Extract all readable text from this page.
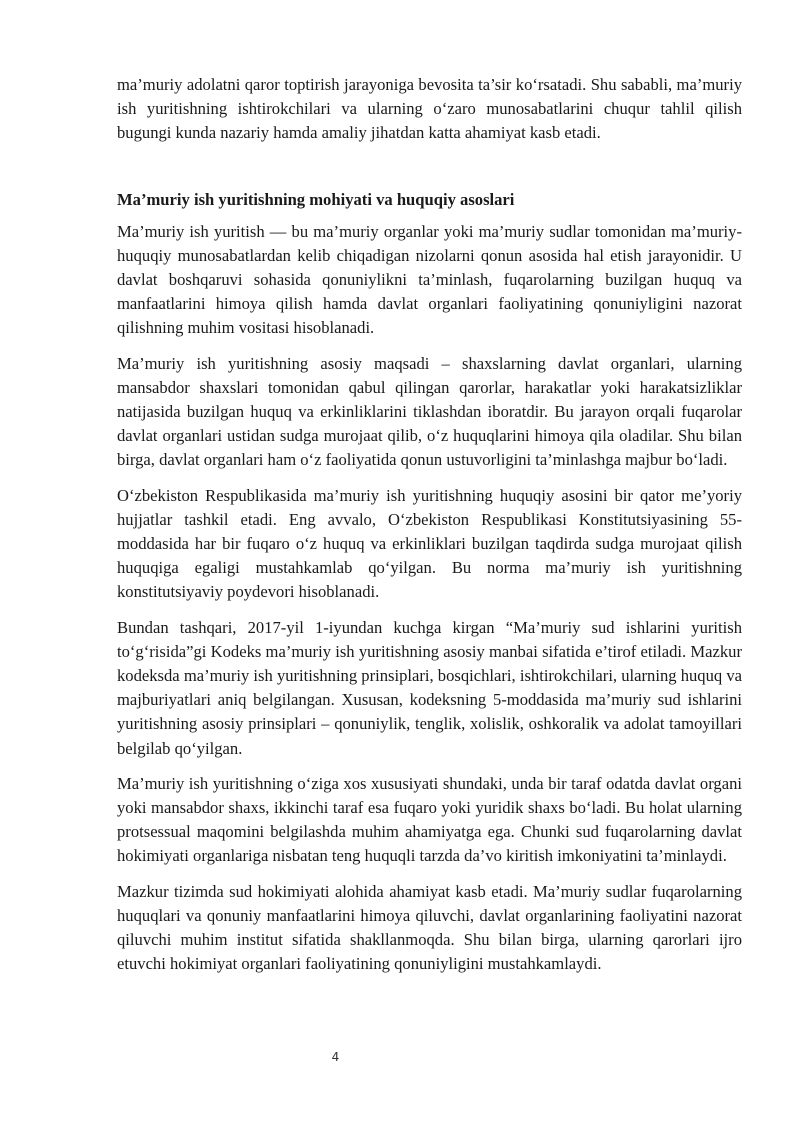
ma’muriy adolatni qaror toptirish jarayoniga bevosita ta’sir ko‘rsatadi. Shu sababli, ma’muriy ish yuritishning ishtirokchilari va ularning o‘zaro munosabatlarini chuqur tahlil qilish bugungi kunda nazariy hamda amaliy jihatdan katta ahamiyat kasb etadi.

Ma’muriy ish yuritishning mohiyati va huquqiy asoslari

Ma’muriy ish yuritish — bu ma’muriy organlar yoki ma’muriy sudlar tomonidan ma’muriy-huquqiy munosabatlardan kelib chiqadigan nizolarni qonun asosida hal etish jarayonidir. U davlat boshqaruvi sohasida qonuniylikni ta’minlash, fuqarolarning buzilgan huquq va manfaatlarini himoya qilish hamda davlat organlari faoliyatining qonuniyligini nazorat qilishning muhim vositasi hisoblanadi.

Ma’muriy ish yuritishning asosiy maqsadi – shaxslarning davlat organlari, ularning mansabdor shaxslari tomonidan qabul qilingan qarorlar, harakatlar yoki harakatsizliklar natijasida buzilgan huquq va erkinliklarini tiklashdan iboratdir. Bu jarayon orqali fuqarolar davlat organlari ustidan sudga murojaat qilib, o‘z huquqlarini himoya qila oladilar. Shu bilan birga, davlat organlari ham o‘z faoliyatida qonun ustuvorligini ta’minlashga majbur bo‘ladi.

O‘zbekiston Respublikasida ma’muriy ish yuritishning huquqiy asosini bir qator me’yoriy hujjatlar tashkil etadi. Eng avvalo, O‘zbekiston Respublikasi Konstitutsiyasining 55-moddasida har bir fuqaro o‘z huquq va erkinliklari buzilgan taqdirda sudga murojaat qilish huquqiga egaligi mustahkamlab qo‘yilgan. Bu norma ma’muriy ish yuritishning konstitutsiyaviy poydevori hisoblanadi.

Bundan tashqari, 2017-yil 1-iyundan kuchga kirgan “Ma’muriy sud ishlarini yuritish to‘g‘risida”gi Kodeks ma’muriy ish yuritishning asosiy manbai sifatida e’tirof etiladi. Mazkur kodeksda ma’muriy ish yuritishning prinsiplari, bosqichlari, ishtirokchilari, ularning huquq va majburiyatlari aniq belgilangan. Xususan, kodeksning 5-moddasida ma’muriy sud ishlarini yuritishning asosiy prinsiplari – qonuniylik, tenglik, xolislik, oshkoralik va adolat tamoyillari belgilab qo‘yilgan.

Ma’muriy ish yuritishning o‘ziga xos xususiyati shundaki, unda bir taraf odatda davlat organi yoki mansabdor shaxs, ikkinchi taraf esa fuqaro yoki yuridik shaxs bo‘ladi. Bu holat ularning protsessual maqomini belgilashda muhim ahamiyatga ega. Chunki sud fuqarolarning davlat hokimiyati organlariga nisbatan teng huquqli tarzda da’vo kiritish imkoniyatini ta’minlaydi.

Mazkur tizimda sud hokimiyati alohida ahamiyat kasb etadi. Ma’muriy sudlar fuqarolarning huquqlari va qonuniy manfaatlarini himoya qiluvchi, davlat organlarining faoliyatini nazorat qiluvchi muhim institut sifatida shakllanmoqda. Shu bilan birga, ularning qarorlari ijro etuvchi hokimiyat organlari faoliyatining qonuniyligini mustahkamlaydi.

4
